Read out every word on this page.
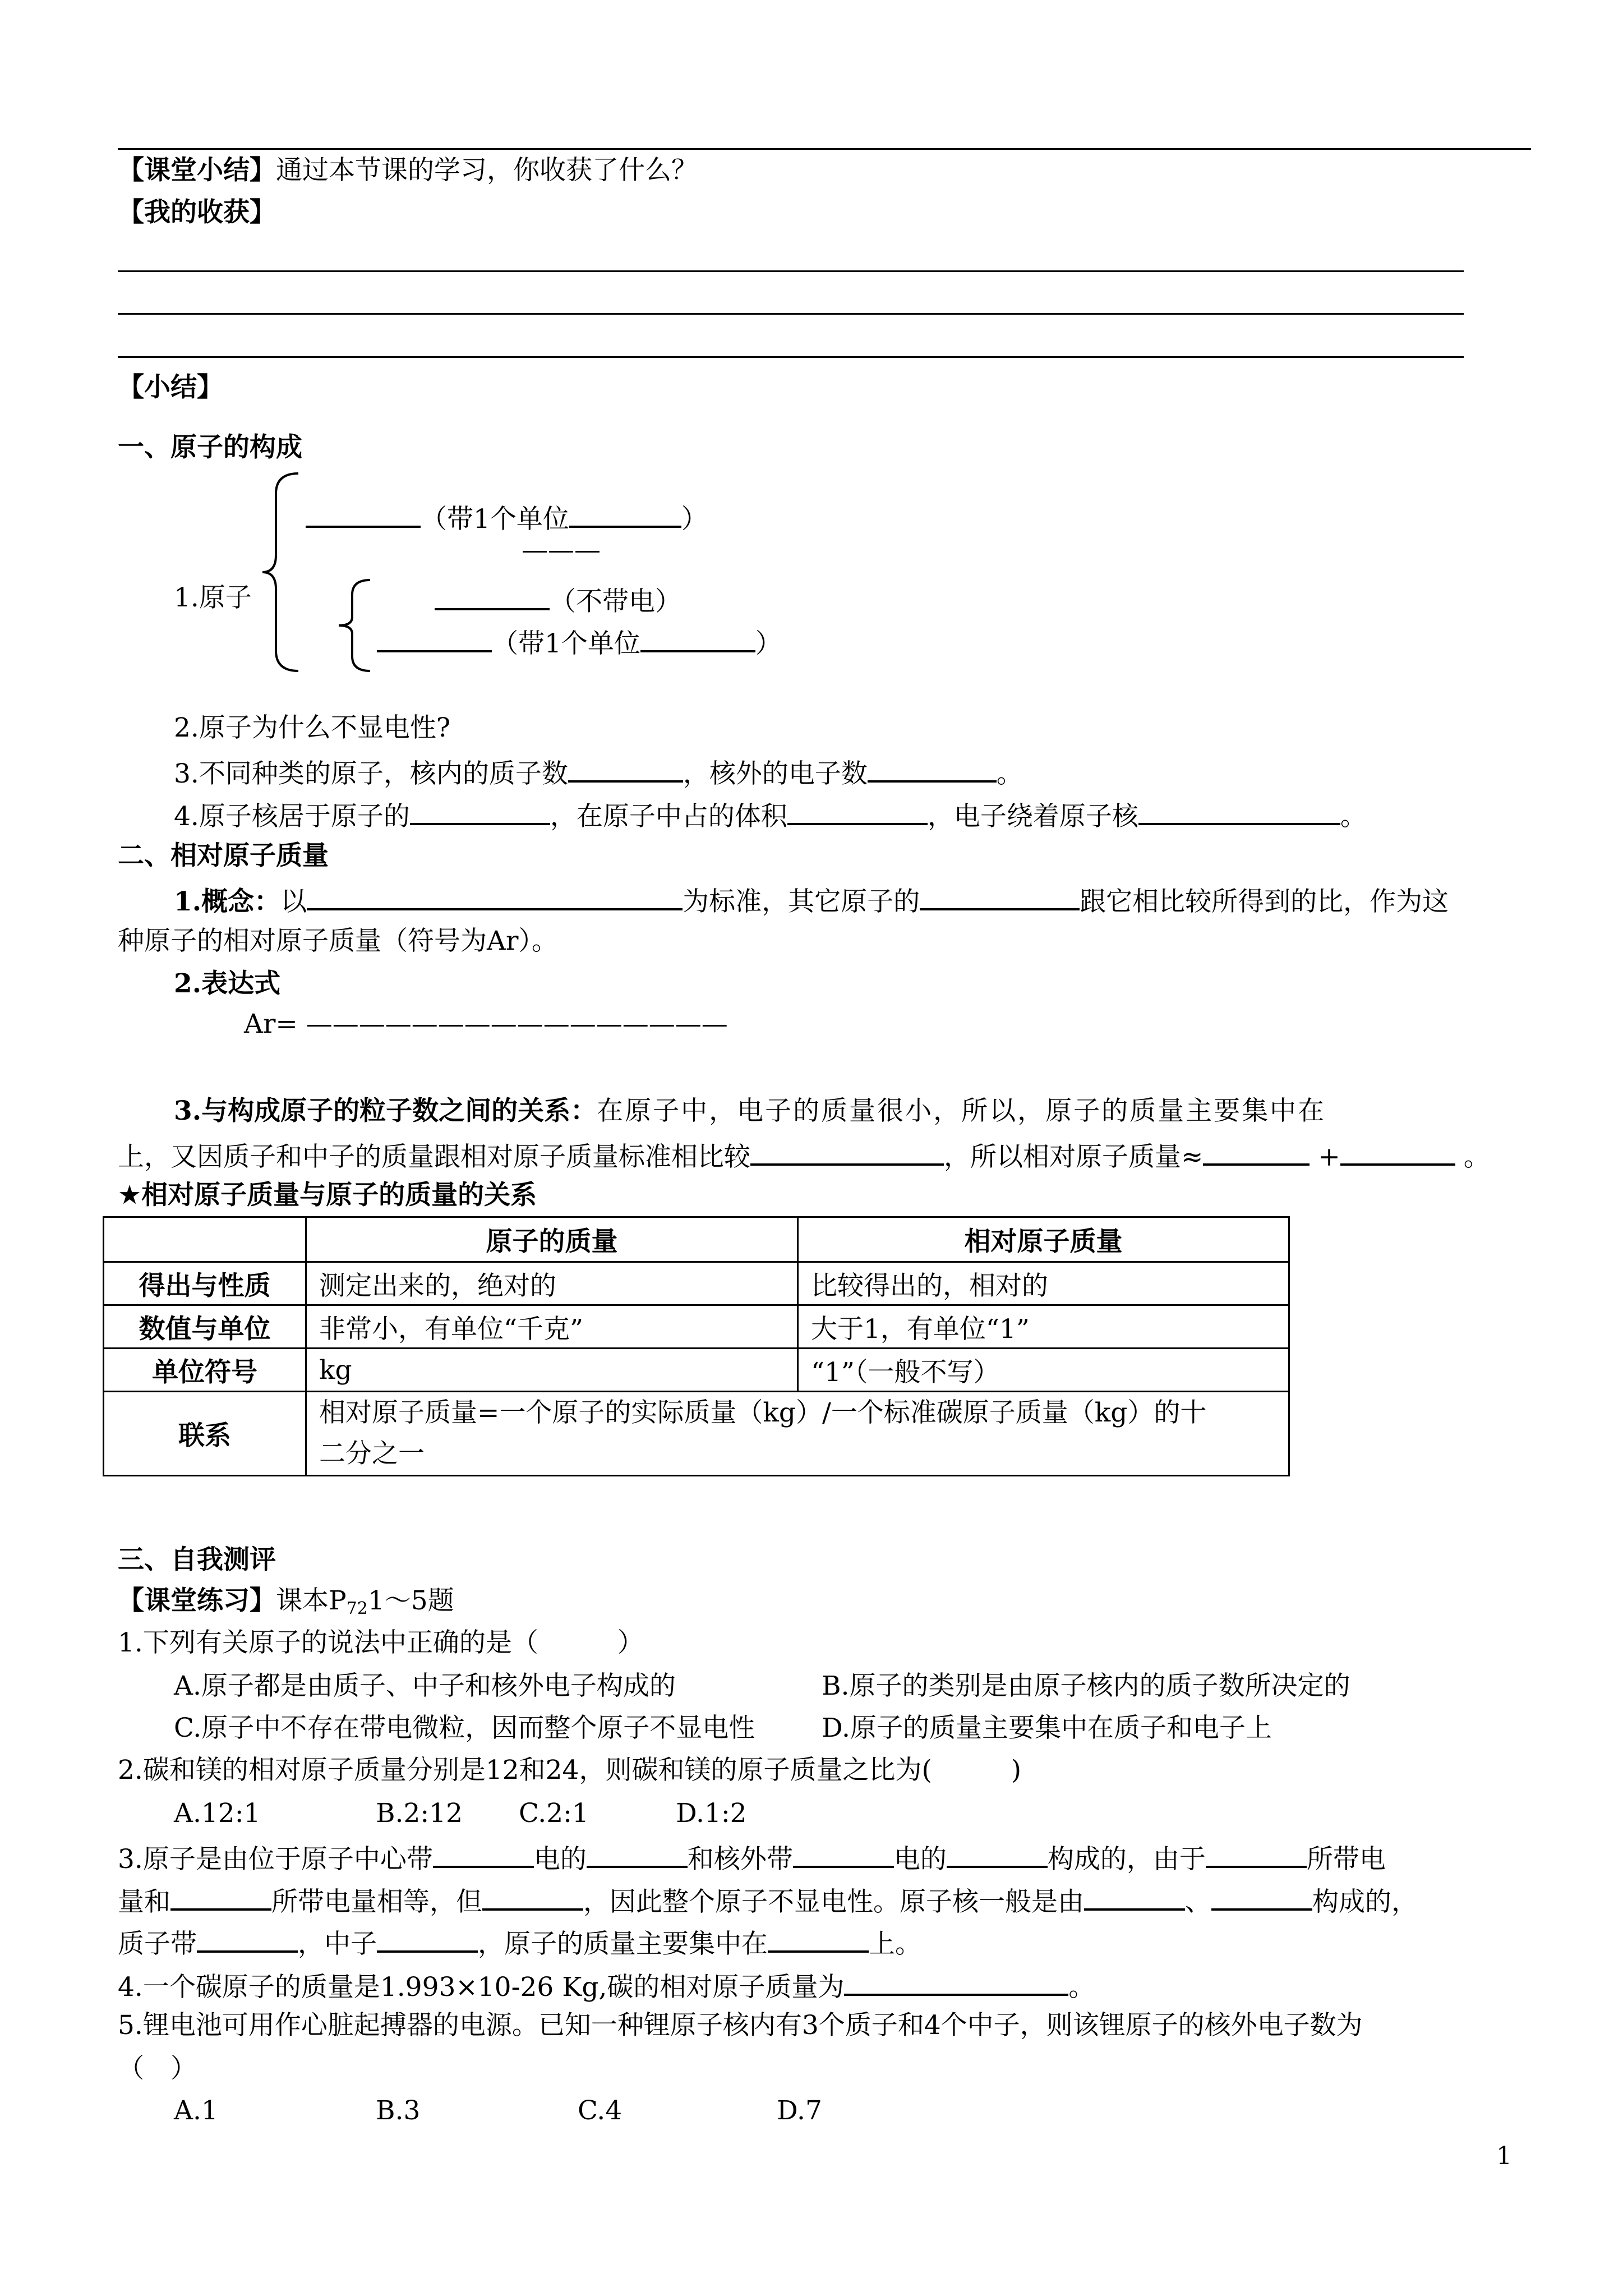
【课堂小结】通过本节课的学习，你收获了什么？
【我的收获】
【小结】
一、原子的构成
（带1个单位	）
———
1.原子	（不带电）
（带1个单位	）
2.原子为什么不显电性?
3.不同种类的原子，核内的质子数	，核外的电子数	。
4.原子核居于原子的	，在原子中占的体积	，电子绕着原子核	。
二、相对原子质量
1.概念：以	为标准，其它原子的	跟它相比较所得到的比，作为这
种原子的相对原子质量（符号为Ar）。
2.表达式
Ar= ————————————————
3.与构成原子的粒子数之间的关系：在原子中，电子的质量很小，所以，原子的质量主要集中在
上，又因质子和中子的质量跟相对原子质量标准相比较	，所以相对原子质量≈	+	。
★相对原子质量与原子的质量的关系
	原子的质量	相对原子质量
得出与性质	测定出来的，绝对的	比较得出的，相对的
数值与单位	非常小，有单位“千克”	大于1，有单位“1”
单位符号	kg	“1”（一般不写）
联系	相对原子质量=一个原子的实际质量（kg）/一个标准碳原子质量（kg）的十
二分之一	
三、自我测评
【课堂练习】课本$P_{72}1\sim 5$题
1.下列有关原子的说法中正确的是（　　　）
A.原子都是由质子、中子和核外电子构成的	B.原子的类别是由原子核内的质子数所决定的
C.原子中不存在带电微粒，因而整个原子不显电性	D.原子的质量主要集中在质子和电子上
2.碳和镁的相对原子质量分别是12和24，则碳和镁的原子质量之比为(　　　)
A.12:1	B.2:12 C.2:1	D.1:2
3.原子是由位于原子中心带	电的	和核外带	电的	构成的，由于	所带电
量和	所带电量相等，但	，因此整个原子不显电性。原子核一般是由	、	构成的，
质子带	，中子	，原子的质量主要集中在	上。
4.一个碳原子的质量是1.993×10-26 Kg,碳的相对原子质量为	。
5.锂电池可用作心脏起搏器的电源。已知一种锂原子核内有3个质子和4个中子，则该锂原子的核外电子数为
（　）
A.1	B.3	C.4	D.7
1
